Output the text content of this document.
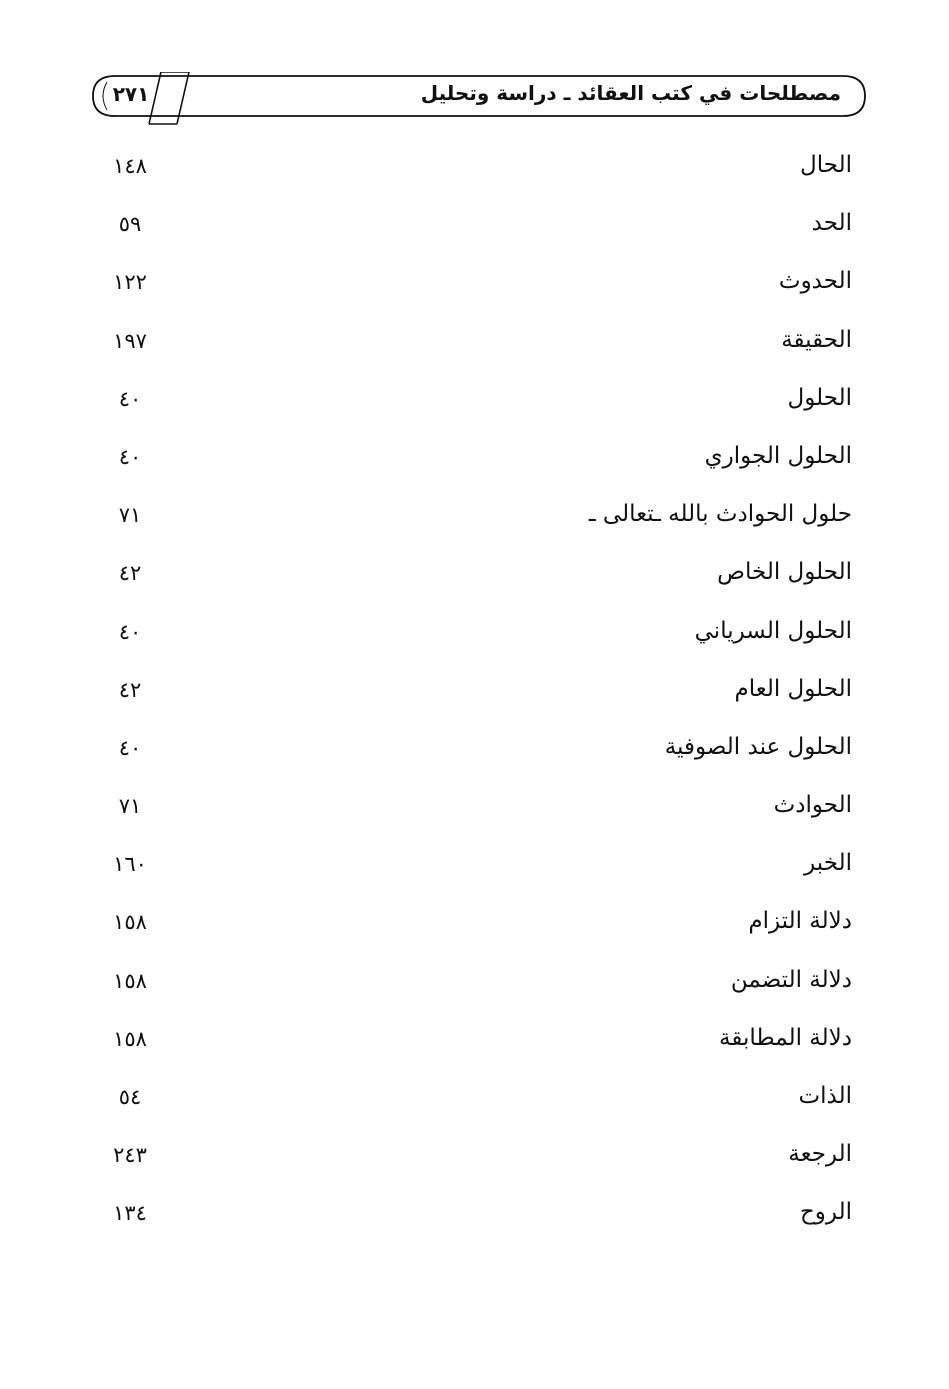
٢٧١	مصطلحات في كتب العقائد ـ دراسة وتحليل
الحال
١٤٨
الحد
٥٩
الحدوث
١٢٢
الحقيقة
١٩٧
الحلول
٤٠
الحلول الجواري
٤٠
حلول الحوادث بالله ـتعالى ـ
٧١
الحلول الخاص
٤٢
الحلول السرياني
٤٠
الحلول العام
٤٢
الحلول عند الصوفية
٤٠
الحوادث
٧١
الخبر
١٦٠
دلالة التزام
١٥٨
دلالة التضمن
١٥٨
دلالة المطابقة
١٥٨
الذات
٥٤
الرجعة
٢٤٣
الروح
١٣٤
